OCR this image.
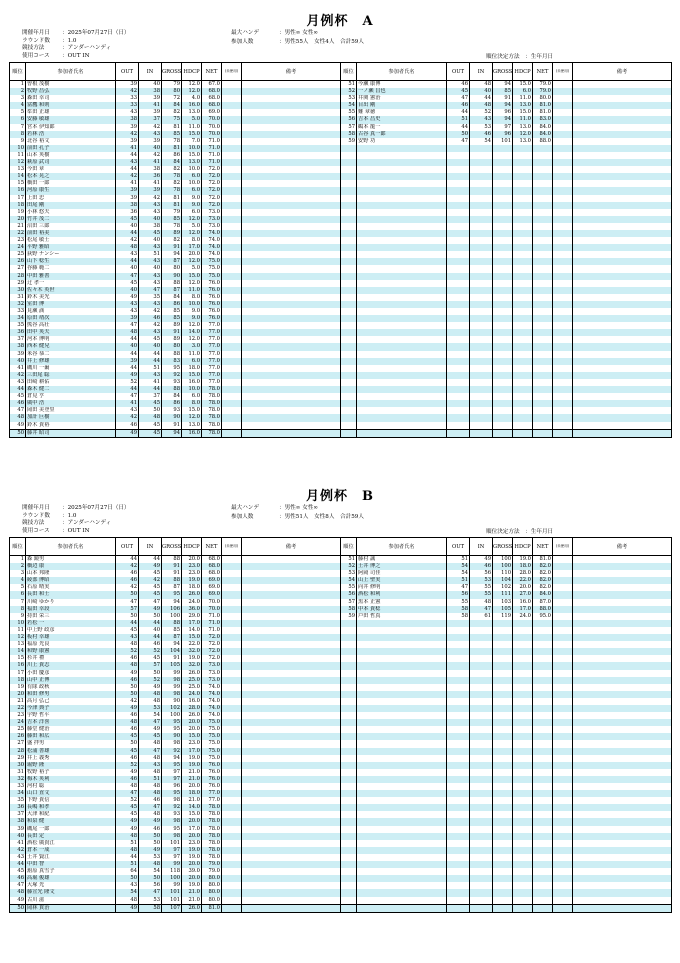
月例杯　A
開催年月日 ：2025年07月27日（日）
ラウンド数 ：1.0
競技方法	：アンダーハンディ
使用コース ：OUT IN
最大ハンデ	：男性∞ 女性∞
参加人数	：男性55人　女性4人　合計59人
順位決定方法　：生年月日
順位	参加者氏名	OUT	IN	GROSS	HDCP	NET	(未使用)	備考
1	曽根 茂樹	39	40	79	12.0	67.0		
2	牧野 昌弘	42	38	80	12.0	68.0		
3	森田 幸司	33	39	72	4.0	68.0		
4	富鷹 和則	33	41	84	16.0	68.0		
5	峯田 正雄	43	39	82	13.0	69.0		
6	安藤 敏雄	38	37	75	5.0	70.0		
7	宮本 伊知郎	39	42	81	11.0	70.0		
8	若林 浩	42	43	85	15.0	70.0		
9	北谷 裕文	39	39	78	7.0	71.0		
10	前田 孔子	41	40	81	10.0	71.0		
11	山本 英樹	44	42	86	15.0	71.0		
12	萩原 武司	43	41	84	13.0	71.0		
13	今田 章	44	38	82	10.0	72.0		
14	松本 晃之	42	36	78	6.0	72.0		
15	橋田 一郎	41	41	82	10.0	72.0		
16	河原 康生	39	39	78	6.0	72.0		
17	上田 忠	39	42	81	9.0	72.0		
18	田尾 剛	38	43	81	9.0	72.0		
19	小林 悠夫	36	43	79	6.0	73.0		
20	竹井 茂二	45	40	85	12.0	73.0		
21	沼田 三郎	40	38	78	5.0	73.0		
22	前田 裕美	44	45	89	12.0	74.0		
23	松尾 敏士	42	40	82	8.0	74.0		
24	平野 雅昭	48	43	91	17.0	74.0		
25	荻野 ナンシー	43	51	94	20.0	74.0		
26	山下 稔生	44	43	87	12.0	75.0		
27	谷藤 範二	40	40	80	5.0	75.0		
28	中田 雅善	47	43	90	15.0	75.0		
29	辻 孝一	45	43	88	12.0	76.0		
30	佐々木 英世	40	47	87	11.0	76.0		
31	鈴木 美光	49	35	84	8.0	76.0		
32	室田 博	43	43	86	10.0	76.0		
33	見瀬 満	43	42	85	9.0	76.0		
34	原田 靖次	39	46	85	9.0	76.0		
35	熊谷 高壮	47	42	89	12.0	77.0		
36	田中 英夫	48	43	91	14.0	77.0		
37	河本 博明	44	45	89	12.0	77.0		
38	西本 健兒	40	40	80	3.0	77.0		
39	米谷 恭二	44	44	88	11.0	77.0		
40	井上 修雄	39	44	83	6.0	77.0		
41	磯川 一爾	44	51	95	18.0	77.0		
42	三田尾 聡	49	43	92	15.0	77.0		
43	田崎 耕佑	52	41	93	16.0	77.0		
44	森木 健二	44	44	88	10.0	78.0		
45	倉見 亨	47	37	84	6.0	78.0		
46	廣中 浩	41	45	86	8.0	78.0		
47	岡田 美登里	43	50	93	15.0	78.0		
48	加計 巨樹	42	48	90	12.0	78.0		
49	鈴木 貴裕	46	45	91	13.0	78.0		
50	藤井 昭司	49	45	94	16.0	78.0		
順位	参加者氏名	OUT	IN	GROSS	HDCP	NET	(未使用)	備考
51	今瀬 康博	46	48	94	15.0	79.0		
52	一ノ瀬 昌也	45	40	85	6.0	79.0		
53	井関 憲治	47	44	91	11.0	80.0		
54	目出 剛	46	48	94	13.0	81.0		
55	難 章徳	44	52	96	15.0	81.0		
56	吉本 昌史	51	43	94	11.0	83.0		
57	鶴本 龍一	44	53	97	13.0	84.0		
58	古谷 真一郎	50	46	96	12.0	84.0		
59	安野 功	47	54	101	13.0	88.0		

月例杯　B
開催年月日 ：2025年07月27日（日）
ラウンド数 ：1.0
競技方法	：アンダーハンディ
使用コース ：OUT IN
最大ハンデ	：男性∞ 女性∞
参加人数	：男性51人　女性8人　合計59人
順位決定方法　：生年月日
順位	参加者氏名	OUT	IN	GROSS	HDCP	NET	(未使用)	備考
1	森 鏡男	44	44	88	20.0	68.0		
2	橋辺 康	42	49	91	23.0	68.0		
3	山本 邦隆	46	45	91	23.0	68.0		
4	綾部 博昭	46	42	88	19.0	69.0		
5	石原 晴実	42	45	87	18.0	69.0		
6	長田 和士	50	45	95	26.0	69.0		
7	川崎 ゆかり	47	47	94	24.0	70.0		
8	福田 幸段	57	49	106	36.0	70.0		
9	持田 栄三	50	50	100	29.0	71.0		
10	若松 一	44	44	88	17.0	71.0		
11	中上野 政彦	45	40	85	14.0	71.0		
12	板村 幸雄	43	44	87	15.0	72.0		
13	福原 光良	48	46	94	22.0	72.0		
14	和野 康憲	52	52	104	32.0	72.0		
15	杉井 禮	46	45	91	19.0	72.0		
16	川上 貴志	48	57	105	32.0	73.0		
17	小田 慶彦	49	50	99	26.0	73.0		
18	山中 正博	46	52	98	25.0	73.0		
19	有隊 政秋	50	49	99	25.0	74.0		
20	和田 修男	50	48	98	24.0	74.0		
21	高月 弘己	42	48	90	16.0	74.0		
22	今津 典子	49	53	102	28.0	74.0		
23	宇野 哲平	46	54	100	26.0	74.0		
24	吉本 洋喜	48	47	95	20.0	75.0		
25	藤堂 健治	46	49	95	20.0	75.0		
26	藤田 和広	45	45	90	15.0	75.0		
27	盛 拝男	50	48	98	23.0	75.0		
28	松浦 善雄	45	47	92	17.0	75.0		
29	井上 義秀	46	48	94	19.0	75.0		
30	堀野 隆	52	43	95	19.0	76.0		
31	牧野 裕子	49	48	97	21.0	76.0		
32	梅木 英利	46	51	97	21.0	76.0		
33	河村 聡	48	48	96	20.0	76.0		
34	山口 直文	47	48	95	18.0	77.0		
35	下野 貴信	52	46	98	21.0	77.0		
36	長嶋 和孝	45	47	92	14.0	78.0		
37	大津 和紀	45	48	93	15.0	78.0		
38	和泉 健	49	49	98	20.0	78.0		
39	磯尾 一郎	49	46	95	17.0	78.0		
40	長田 定	48	50	98	20.0	78.0		
41	酒松 廣貴江	51	50	101	23.0	78.0		
42	倉本 一成	48	49	97	19.0	78.0		
43	土井 賢江	44	53	97	19.0	78.0		
44	中田 智	51	48	99	20.0	79.0		
45	舘原 真雪子	64	54	118	39.0	79.0		
46	高堀 俊雄	50	50	100	20.0	80.0		
47	大塚 光	43	56	99	19.0	80.0		
48	藤宣光 隆文	54	47	101	21.0	80.0		
49	古川 滋	48	53	101	21.0	80.0		
50	岡林 貫治	49	58	107	26.0	81.0		
順位	参加者氏名	OUT	IN	GROSS	HDCP	NET	(未使用)	備考
51	藤村 誠	51	49	100	19.0	81.0		
52	土井 博之	54	46	100	18.0	82.0		
53	阿岡 司佳	54	56	110	28.0	82.0		
54	山上 聖実	51	53	104	22.0	82.0		
55	向井 修明	47	55	102	20.0	82.0		
56	酒松 和利	56	55	111	27.0	84.0		
57	黒本 正憲	55	48	103	16.0	87.0		
58	中本 貴稔	58	47	105	17.0	88.0		
59	戸田 哲真	58	61	119	24.0	95.0		
